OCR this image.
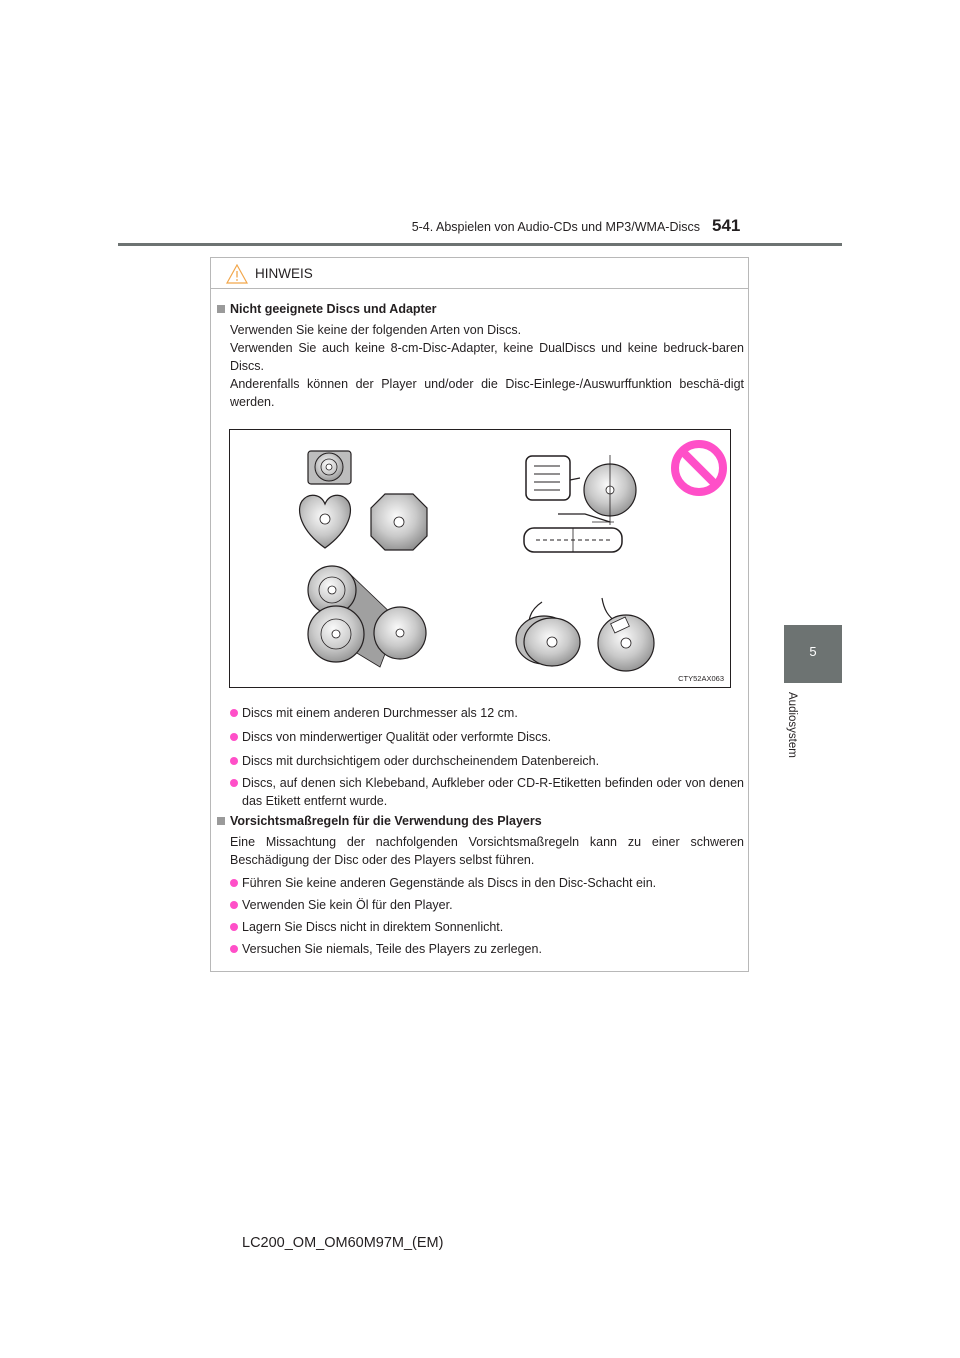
5-4. Abspielen von Audio-CDs und MP3/WMA-Discs 541
5
Audiosystem
HINWEIS
Nicht geeignete Discs und Adapter
Verwenden Sie keine der folgenden Arten von Discs.
Verwenden Sie auch keine 8-cm-Disc-Adapter, keine DualDiscs und keine bedruck-baren Discs.
Anderenfalls können der Player und/oder die Disc-Einlege-/Auswurffunktion beschä-digt werden.
CTY52AX063
Discs mit einem anderen Durchmesser als 12 cm.
Discs von minderwertiger Qualität oder verformte Discs.
Discs mit durchsichtigem oder durchscheinendem Datenbereich.
Discs, auf denen sich Klebeband, Aufkleber oder CD-R-Etiketten befinden oder von denen das Etikett entfernt wurde.
Vorsichtsmaßregeln für die Verwendung des Players
Eine Missachtung der nachfolgenden Vorsichtsmaßregeln kann zu einer schweren Beschädigung der Disc oder des Players selbst führen.
Führen Sie keine anderen Gegenstände als Discs in den Disc-Schacht ein.
Verwenden Sie kein Öl für den Player.
Lagern Sie Discs nicht in direktem Sonnenlicht.
Versuchen Sie niemals, Teile des Players zu zerlegen.
LC200_OM_OM60M97M_(EM)
